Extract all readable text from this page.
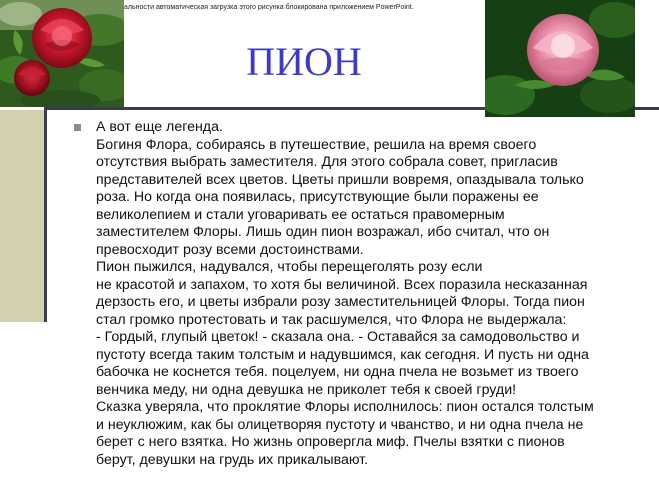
альности автоматическая загрузка этого рисунка блокирована приложением PowerPoint.
ПИОН
А вот еще легенда.
Богиня Флора, собираясь в путешествие, решила на время своего
отсутствия выбрать заместителя. Для этого собрала совет, пригласив
представителей всех цветов. Цветы пришли вовремя, опаздывала только
роза. Но когда она появилась, присутствующие были поражены ее
великолепием и стали уговаривать ее остаться правомерным
заместителем Флоры. Лишь один пион возражал, ибо считал, что он
превосходит розу всеми достоинствами.
Пион пыжился, надувался, чтобы перещеголять розу если
не красотой и запахом, то хотя бы величиной. Всех поразила несказанная
дерзость его, и цветы избрали розу заместительницей Флоры. Тогда пион
стал громко протестовать и так расшумелся, что Флора не выдержала:
- Гордый, глупый цветок! - сказала она. - Оставайся за самодовольство и
пустоту всегда таким толстым и надувшимся, как сегодня. И пусть ни одна
бабочка не коснется тебя. поцелуем, ни одна пчела не возьмет из твоего
венчика меду, ни одна девушка не приколет тебя к своей груди!
Сказка уверяла, что проклятие Флоры исполнилось: пион остался толстым
и неуклюжим, как бы олицетворяя пустоту и чванство, и ни одна пчела не
берет с него взятка. Но жизнь опровергла миф. Пчелы взятки с пионов
берут, девушки на грудь их прикалывают.
